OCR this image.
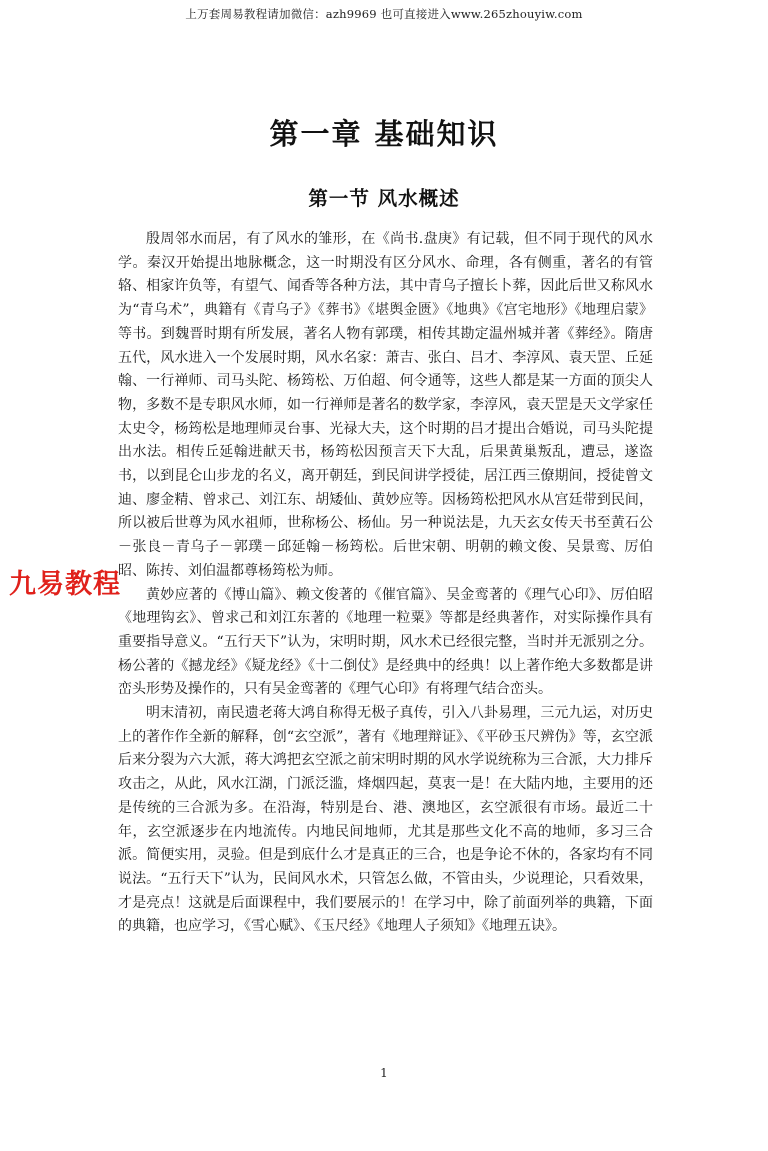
上万套周易教程请加微信：azh9969 也可直接进入www.265zhouyiw.com
第一章 基础知识
第一节 风水概述

殷周邻水而居，有了风水的雏形，在《尚书.盘庚》有记载，但不同于现代的风水学。秦汉开始提出地脉概念，这一时期没有区分风水、命理，各有侧重，著名的有管辂、相家许负等，有望气、闻香等各种方法，其中青乌子擅长卜葬，因此后世又称风水为“青乌术”，典籍有《青乌子》《葬书》《堪舆金匮》《地典》《宫宅地形》《地理启蒙》等书。到魏晋时期有所发展，著名人物有郭璞，相传其勘定温州城并著《葬经》。隋唐五代，风水进入一个发展时期，风水名家：萧吉、张白、吕才、李淳风、袁天罡、丘延翰、一行禅师、司马头陀、杨筠松、万伯超、何令通等，这些人都是某一方面的顶尖人物，多数不是专职风水师，如一行禅师是著名的数学家，李淳风，袁天罡是天文学家任太史令，杨筠松是地理师灵台事、光禄大夫，这个时期的吕才提出合婚说，司马头陀提出水法。相传丘延翰进献天书，杨筠松因预言天下大乱，后果黄巢叛乱，遭忌，遂盗书，以到昆仑山步龙的名义，离开朝廷，到民间讲学授徒，居江西三僚期间，授徒曾文迪、廖金精、曾求己、刘江东、胡矮仙、黄妙应等。因杨筠松把风水从宫廷带到民间，所以被后世尊为风水祖师，世称杨公、杨仙。另一种说法是，九天玄女传天书至黄石公－张良－青乌子－郭璞－邱延翰－杨筠松。后世宋朝、明朝的赖文俊、吴景鸾、厉伯昭、陈抟、刘伯温都尊杨筠松为师。

黄妙应著的《博山篇》、赖文俊著的《催官篇》、吴金鸾著的《理气心印》、厉伯昭《地理钩玄》、曾求己和刘江东著的《地理一粒粟》等都是经典著作，对实际操作具有重要指导意义。“五行天下”认为，宋明时期，风水术已经很完整，当时并无派别之分。杨公著的《撼龙经》《疑龙经》《十二倒仗》是经典中的经典！以上著作绝大多数都是讲峦头形势及操作的，只有吴金鸾著的《理气心印》有将理气结合峦头。

明末清初，南民遗老蒋大鸿自称得无极子真传，引入八卦易理，三元九运，对历史上的著作作全新的解释，创“玄空派”，著有《地理辩证》、《平砂玉尺辨伪》等，玄空派后来分裂为六大派，蒋大鸿把玄空派之前宋明时期的风水学说统称为三合派，大力排斥攻击之，从此，风水江湖，门派泛滥，烽烟四起，莫衷一是！在大陆内地，主要用的还是传统的三合派为多。在沿海，特别是台、港、澳地区，玄空派很有市场。最近二十年，玄空派逐步在内地流传。内地民间地师，尤其是那些文化不高的地师，多习三合派。简便实用，灵验。但是到底什么才是真正的三合，也是争论不休的，各家均有不同说法。“五行天下”认为，民间风水术，只管怎么做，不管由头，少说理论，只看效果，才是亮点！这就是后面课程中，我们要展示的！在学习中，除了前面列举的典籍，下面的典籍，也应学习，《雪心赋》、《玉尺经》《地理人子须知》《地理五诀》。

九易教程
1
